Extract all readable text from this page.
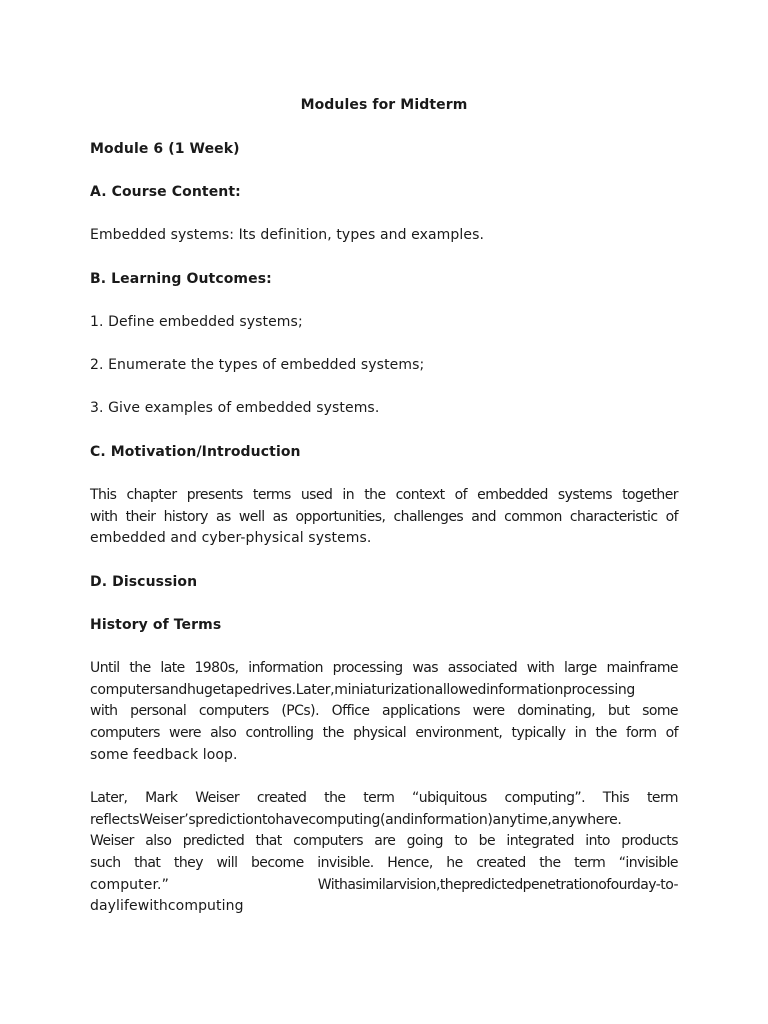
Modules for Midterm
Module 6 (1 Week)
A. Course Content:
Embedded systems: Its definition, types and examples.
B. Learning Outcomes:
1. Define embedded systems;
2. Enumerate the types of embedded systems;
3. Give examples of embedded systems.
C. Motivation/Introduction
This chapter presents terms used in the context of embedded systems together
with their history as well as opportunities, challenges and common characteristic of
embedded and cyber-physical systems.
D. Discussion
History of Terms
Until the late 1980s, information processing was associated with large mainframe
computersandhugetapedrives.Later,miniaturizationallowedinformationprocessing
with personal computers (PCs). Office applications were dominating, but some
computers were also controlling the physical environment, typically in the form of
some feedback loop.
Later, Mark Weiser created the term “ubiquitous computing”. This term
reflectsWeiser’spredictiontohavecomputing(andinformation)anytime,anywhere.
Weiser also predicted that computers are going to be integrated into products
such that they will become invisible. Hence, he created the term “invisible
computer.”	Withasimilarvision,thepredictedpenetrationofourday-to-
daylifewithcomputing
